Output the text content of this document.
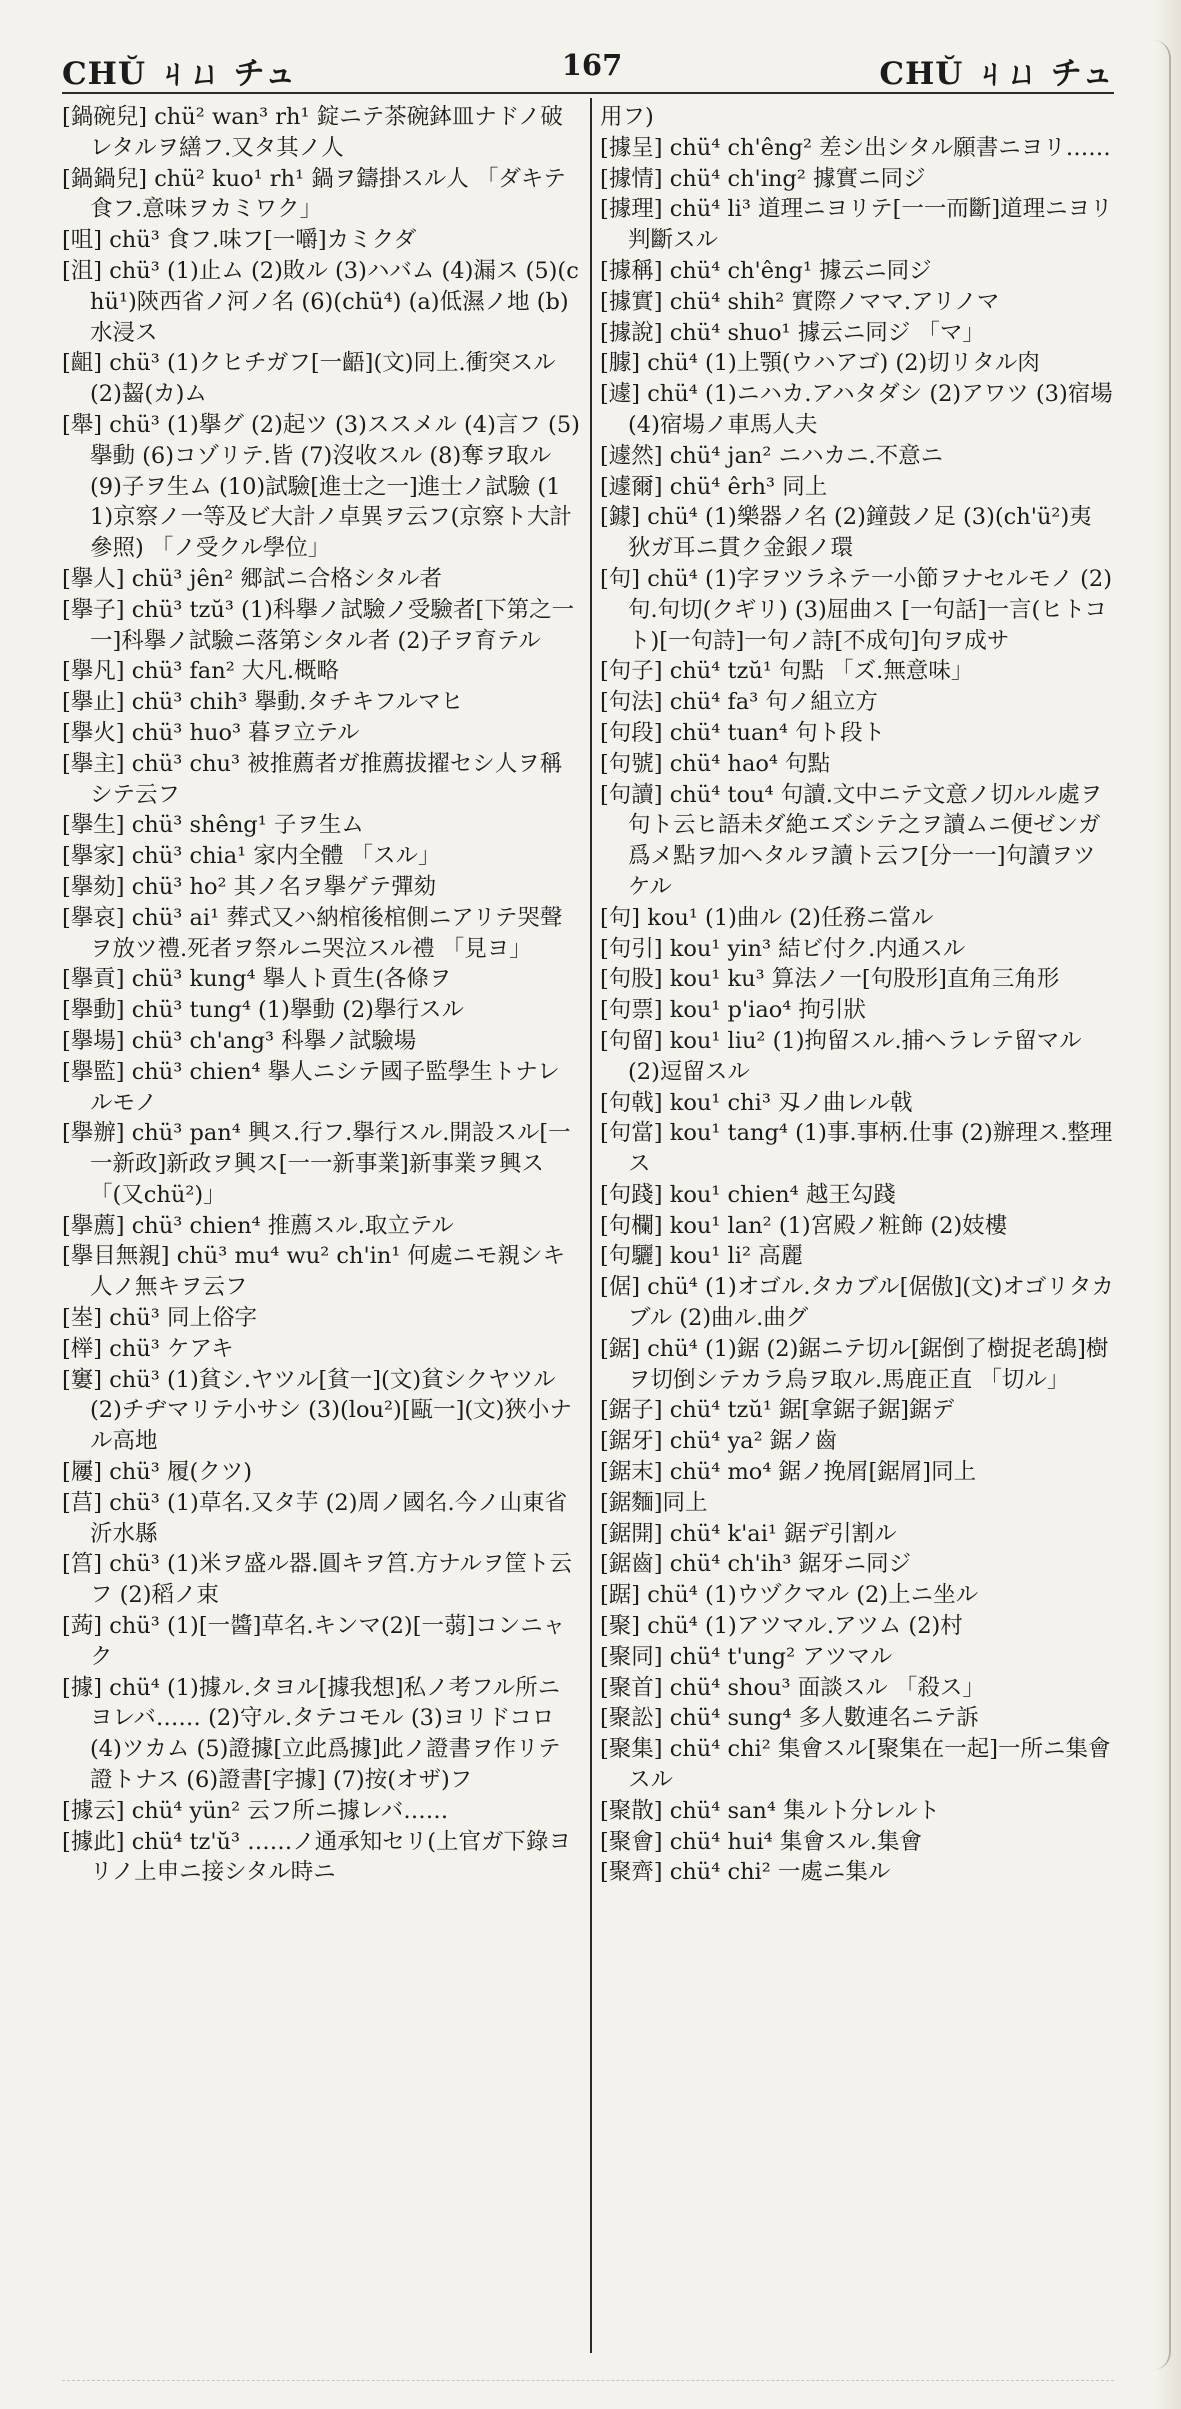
CHŬ ㄐㄩ チュ	167	CHŬ ㄐㄩ チュ

[鍋碗兒] chü² wan³ rh¹ 錠ニテ茶碗鉢皿ナドノ破レタルヲ繕フ.又タ其ノ人

[鍋鍋兒] chü² kuo¹ rh¹ 鍋ヲ鑄掛スル人 「ダキテ食フ.意味ヲカミワク」

[咀] chü³ 食フ.味フ[一嚼]カミクダ

[沮] chü³ (1)止ム (2)敗ル (3)ハバム (4)漏ス (5)(chü¹)陝西省ノ河ノ名 (6)(chü⁴) (a)低濕ノ地 (b)水浸ス

[齟] chü³ (1)クヒチガフ[一齬](文)同上.衝突スル (2)齧(カ)ム

[舉] chü³ (1)擧グ (2)起ツ (3)ススメル (4)言フ (5)擧動 (6)コゾリテ.皆 (7)沒收スル (8)奪ヲ取ル (9)子ヲ生ム (10)試驗[進士之一]進士ノ試驗 (11)京察ノ一等及ビ大計ノ卓異ヲ云フ(京察ト大計參照) 「ノ受クル學位」

[擧人] chü³ jên² 郷試ニ合格シタル者

[擧子] chü³ tzŭ³ (1)科擧ノ試驗ノ受驗者[下第之一一]科擧ノ試驗ニ落第シタル者 (2)子ヲ育テル

[擧凡] chü³ fan² 大凡.概略

[擧止] chü³ chih³ 擧動.タチキフルマヒ

[擧火] chü³ huo³ 暮ヲ立テル

[擧主] chü³ chu³ 被推薦者ガ推薦拔擢セシ人ヲ稱シテ云フ

[擧生] chü³ shêng¹ 子ヲ生ム

[擧家] chü³ chia¹ 家内全體 「スル」

[擧劾] chü³ ho² 其ノ名ヲ擧ゲテ彈劾

[擧哀] chü³ ai¹ 葬式又ハ納棺後棺側ニアリテ哭聲ヲ放ツ禮.死者ヲ祭ルニ哭泣スル禮 「見ヨ」

[擧貢] chü³ kung⁴ 擧人ト貢生(各條ヲ

[擧動] chü³ tung⁴ (1)擧動 (2)擧行スル

[擧場] chü³ ch'ang³ 科擧ノ試驗場

[擧監] chü³ chien⁴ 擧人ニシテ國子監學生トナレルモノ

[擧辦] chü³ pan⁴ 興ス.行フ.擧行スル.開設スル[一一新政]新政ヲ興ス[一一新事業]新事業ヲ興ス 「(又chü²)」

[擧薦] chü³ chien⁴ 推薦スル.取立テル

[擧目無親] chü³ mu⁴ wu² ch'in¹ 何處ニモ親シキ人ノ無キヲ云フ

[峚] chü³ 同上俗字

[榉] chü³ ケアキ

[窶] chü³ (1)貧シ.ヤツル[貧一](文)貧シクヤツル (2)チヂマリテ小サシ (3)(lou²)[甌一](文)狹小ナル高地

[屨] chü³ 履(クツ)

[莒] chü³ (1)草名.又タ芋 (2)周ノ國名.今ノ山東省沂水縣

[筥] chü³ (1)米ヲ盛ル器.圓キヲ筥.方ナルヲ筐ト云フ (2)稻ノ束

[蒟] chü³ (1)[一醬]草名.キンマ(2)[一蒻]コンニャク

[據] chü⁴ (1)據ル.タヨル[據我想]私ノ考フル所ニヨレバ…… (2)守ル.タテコモル (3)ヨリドコロ (4)ツカム (5)證據[立此爲據]此ノ證書ヲ作リテ證トナス (6)證書[字據] (7)按(オザ)フ

[據云] chü⁴ yün² 云フ所ニ據レバ……

[據此] chü⁴ tz'ŭ³ ……ノ通承知セリ(上官ガ下錄ヨリノ上申ニ接シタル時ニ

用フ)

[據呈] chü⁴ ch'êng² 差シ出シタル願書ニヨリ……

[據情] chü⁴ ch'ing² 據實ニ同ジ

[據理] chü⁴ li³ 道理ニヨリテ[一一而斷]道理ニヨリ判斷スル

[據稱] chü⁴ ch'êng¹ 據云ニ同ジ

[據實] chü⁴ shih² 實際ノママ.アリノマ

[據說] chü⁴ shuo¹ 據云ニ同ジ 「マ」

[臄] chü⁴ (1)上顎(ウハアゴ) (2)切リタル肉

[遽] chü⁴ (1)ニハカ.アハタダシ (2)アワツ (3)宿場 (4)宿場ノ車馬人夫

[遽然] chü⁴ jan² ニハカニ.不意ニ

[遽爾] chü⁴ êrh³ 同上

[鐻] chü⁴ (1)樂器ノ名 (2)鐘鼓ノ足 (3)(ch'ü²)夷狄ガ耳ニ貫ク金銀ノ環

[句] chü⁴ (1)字ヲツラネテ一小節ヲナセルモノ (2)句.句切(クギリ) (3)屈曲ス [一句話]一言(ヒトコト)[一句詩]一句ノ詩[不成句]句ヲ成サ

[句子] chü⁴ tzŭ¹ 句點 「ズ.無意味」

[句法] chü⁴ fa³ 句ノ組立方

[句段] chü⁴ tuan⁴ 句ト段ト

[句號] chü⁴ hao⁴ 句點

[句讀] chü⁴ tou⁴ 句讀.文中ニテ文意ノ切ルル處ヲ句ト云ヒ語未ダ絶エズシテ之ヲ讀ムニ便ゼンガ爲メ點ヲ加ヘタルヲ讀ト云フ[分一一]句讀ヲツケル

[句] kou¹ (1)曲ル (2)任務ニ當ル

[句引] kou¹ yin³ 結ビ付ク.内通スル

[句股] kou¹ ku³ 算法ノ一[句股形]直角三角形

[句票] kou¹ p'iao⁴ 拘引狀

[句留] kou¹ liu² (1)拘留スル.捕ヘラレテ留マル (2)逗留スル

[句戟] kou¹ chi³ 刄ノ曲レル戟

[句當] kou¹ tang⁴ (1)事.事柄.仕事 (2)辦理ス.整理ス

[句踐] kou¹ chien⁴ 越王勾踐

[句欄] kou¹ lan² (1)宮殿ノ粧飾 (2)妓樓

[句驪] kou¹ li² 高麗

[倨] chü⁴ (1)オゴル.タカブル[倨傲](文)オゴリタカブル (2)曲ル.曲グ

[鋸] chü⁴ (1)鋸 (2)鋸ニテ切ル[鋸倒了樹捉老鴰]樹ヲ切倒シテカラ烏ヲ取ル.馬鹿正直 「切ル」

[鋸子] chü⁴ tzŭ¹ 鋸[拿鋸子鋸]鋸デ

[鋸牙] chü⁴ ya² 鋸ノ齒

[鋸末] chü⁴ mo⁴ 鋸ノ挽屑[鋸屑]同上

[鋸麵]同上

[鋸開] chü⁴ k'ai¹ 鋸デ引割ル

[鋸齒] chü⁴ ch'ih³ 鋸牙ニ同ジ

[踞] chü⁴ (1)ウヅクマル (2)上ニ坐ル

[聚] chü⁴ (1)アツマル.アツム (2)村

[聚同] chü⁴ t'ung² アツマル

[聚首] chü⁴ shou³ 面談スル 「殺ス」

[聚訟] chü⁴ sung⁴ 多人數連名ニテ訴

[聚集] chü⁴ chi² 集會スル[聚集在一起]一所ニ集會スル

[聚散] chü⁴ san⁴ 集ルト分レルト

[聚會] chü⁴ hui⁴ 集會スル.集會

[聚齊] chü⁴ chi² 一處ニ集ル
